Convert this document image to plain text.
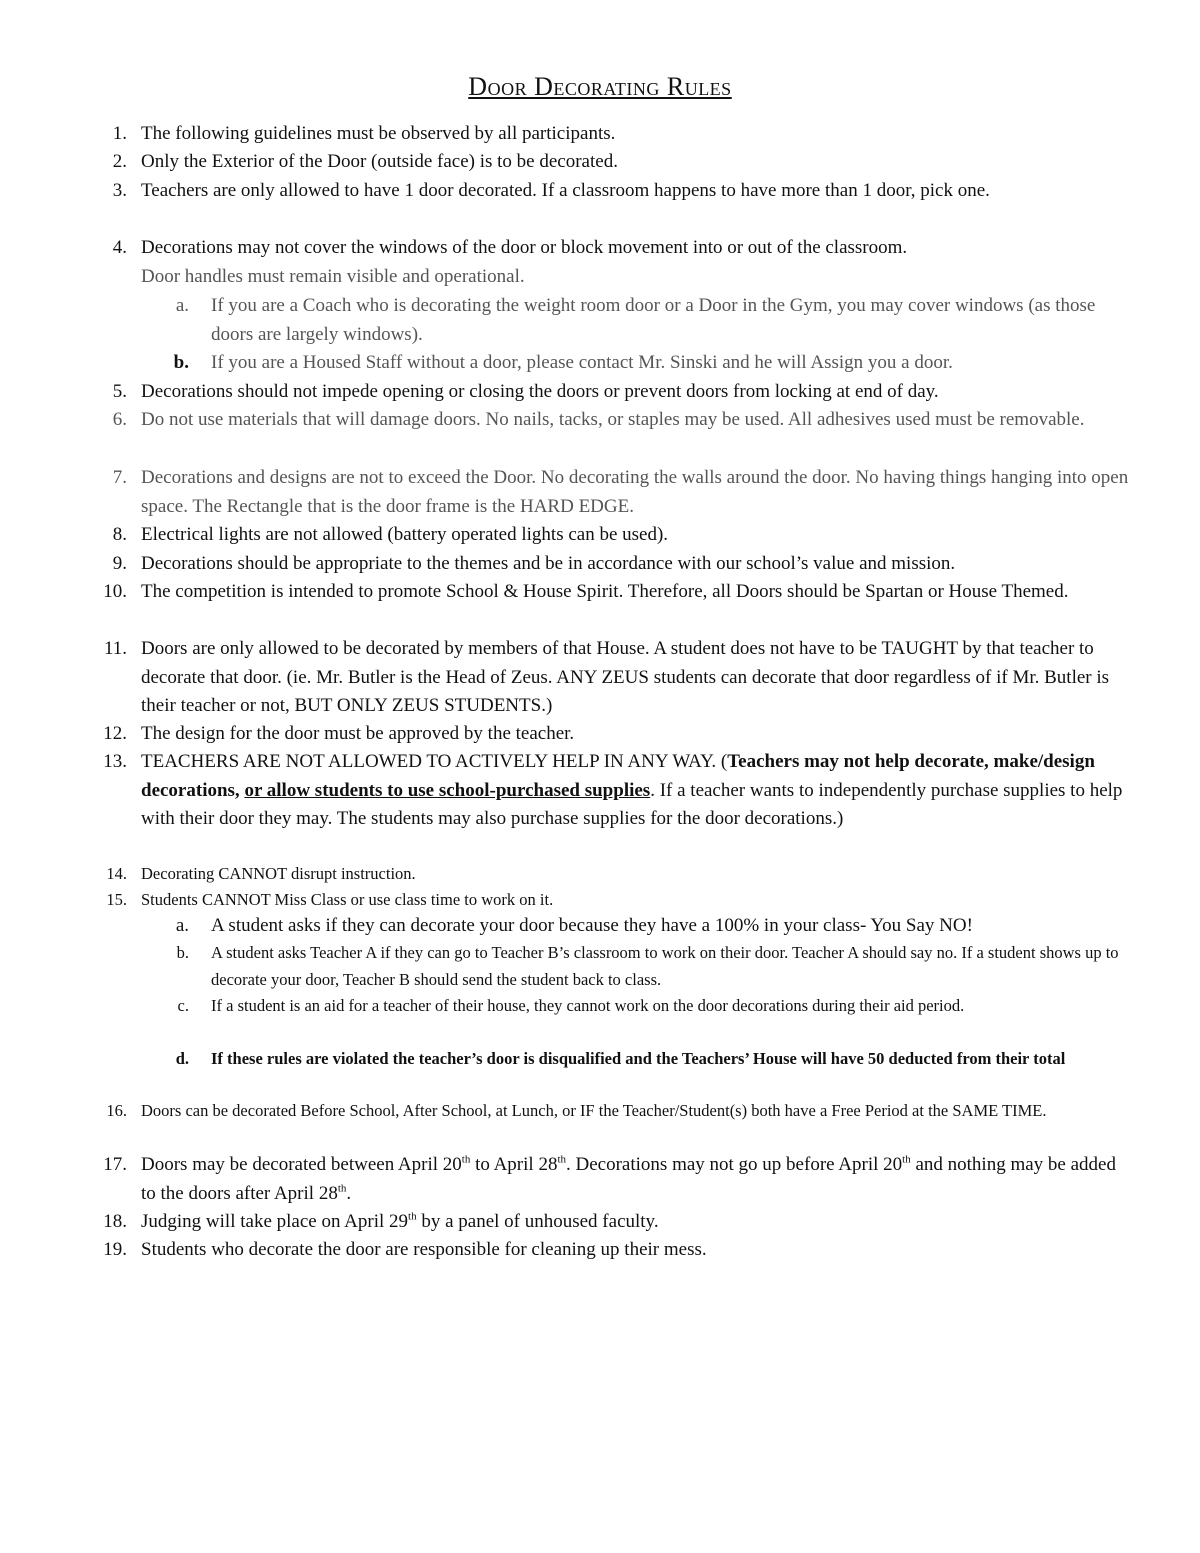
Door Decorating Rules

1. The following guidelines must be observed by all participants.

2. Only the Exterior of the Door (outside face) is to be decorated.

3. Teachers are only allowed to have 1 door decorated. If a classroom happens to have more than 1 door, pick one.

4. Decorations may not cover the windows of the door or block movement into or out of the classroom.
Door handles must remain visible and operational.

a. If you are a Coach who is decorating the weight room door or a Door in the Gym, you may cover windows (as those doors are largely windows).

b. If you are a Housed Staff without a door, please contact Mr. Sinski and he will Assign you a door.

5. Decorations should not impede opening or closing the doors or prevent doors from locking at end of day.

6. Do not use materials that will damage doors. No nails, tacks, or staples may be used. All adhesives used must be removable.

7. Decorations and designs are not to exceed the Door. No decorating the walls around the door. No having things hanging into open space. The Rectangle that is the door frame is the HARD EDGE.

8. Electrical lights are not allowed (battery operated lights can be used).

9. Decorations should be appropriate to the themes and be in accordance with our school’s value and mission.

10. The competition is intended to promote School & House Spirit. Therefore, all Doors should be Spartan or House Themed.

11. Doors are only allowed to be decorated by members of that House. A student does not have to be TAUGHT by that teacher to decorate that door. (ie. Mr. Butler is the Head of Zeus. ANY ZEUS students can decorate that door regardless of if Mr. Butler is their teacher or not, BUT ONLY ZEUS STUDENTS.)

12. The design for the door must be approved by the teacher.

13. TEACHERS ARE NOT ALLOWED TO ACTIVELY HELP IN ANY WAY. (Teachers may not help decorate, make/design decorations, or allow students to use school-purchased supplies. If a teacher wants to independently purchase supplies to help with their door they may. The students may also purchase supplies for the door decorations.)

14. Decorating CANNOT disrupt instruction.

15. Students CANNOT Miss Class or use class time to work on it.

a. A student asks if they can decorate your door because they have a 100% in your class- You Say NO!

b. A student asks Teacher A if they can go to Teacher B’s classroom to work on their door. Teacher A should say no. If a student shows up to decorate your door, Teacher B should send the student back to class.

c. If a student is an aid for a teacher of their house, they cannot work on the door decorations during their aid period.

d. If these rules are violated the teacher’s door is disqualified and the Teachers’ House will have 50 deducted from their total

16. Doors can be decorated Before School, After School, at Lunch, or IF the Teacher/Student(s) both have a Free Period at the SAME TIME.

17. Doors may be decorated between April 20th to April 28th. Decorations may not go up before April 20th and nothing may be added to the doors after April 28th.

18. Judging will take place on April 29th by a panel of unhoused faculty.

19. Students who decorate the door are responsible for cleaning up their mess.
